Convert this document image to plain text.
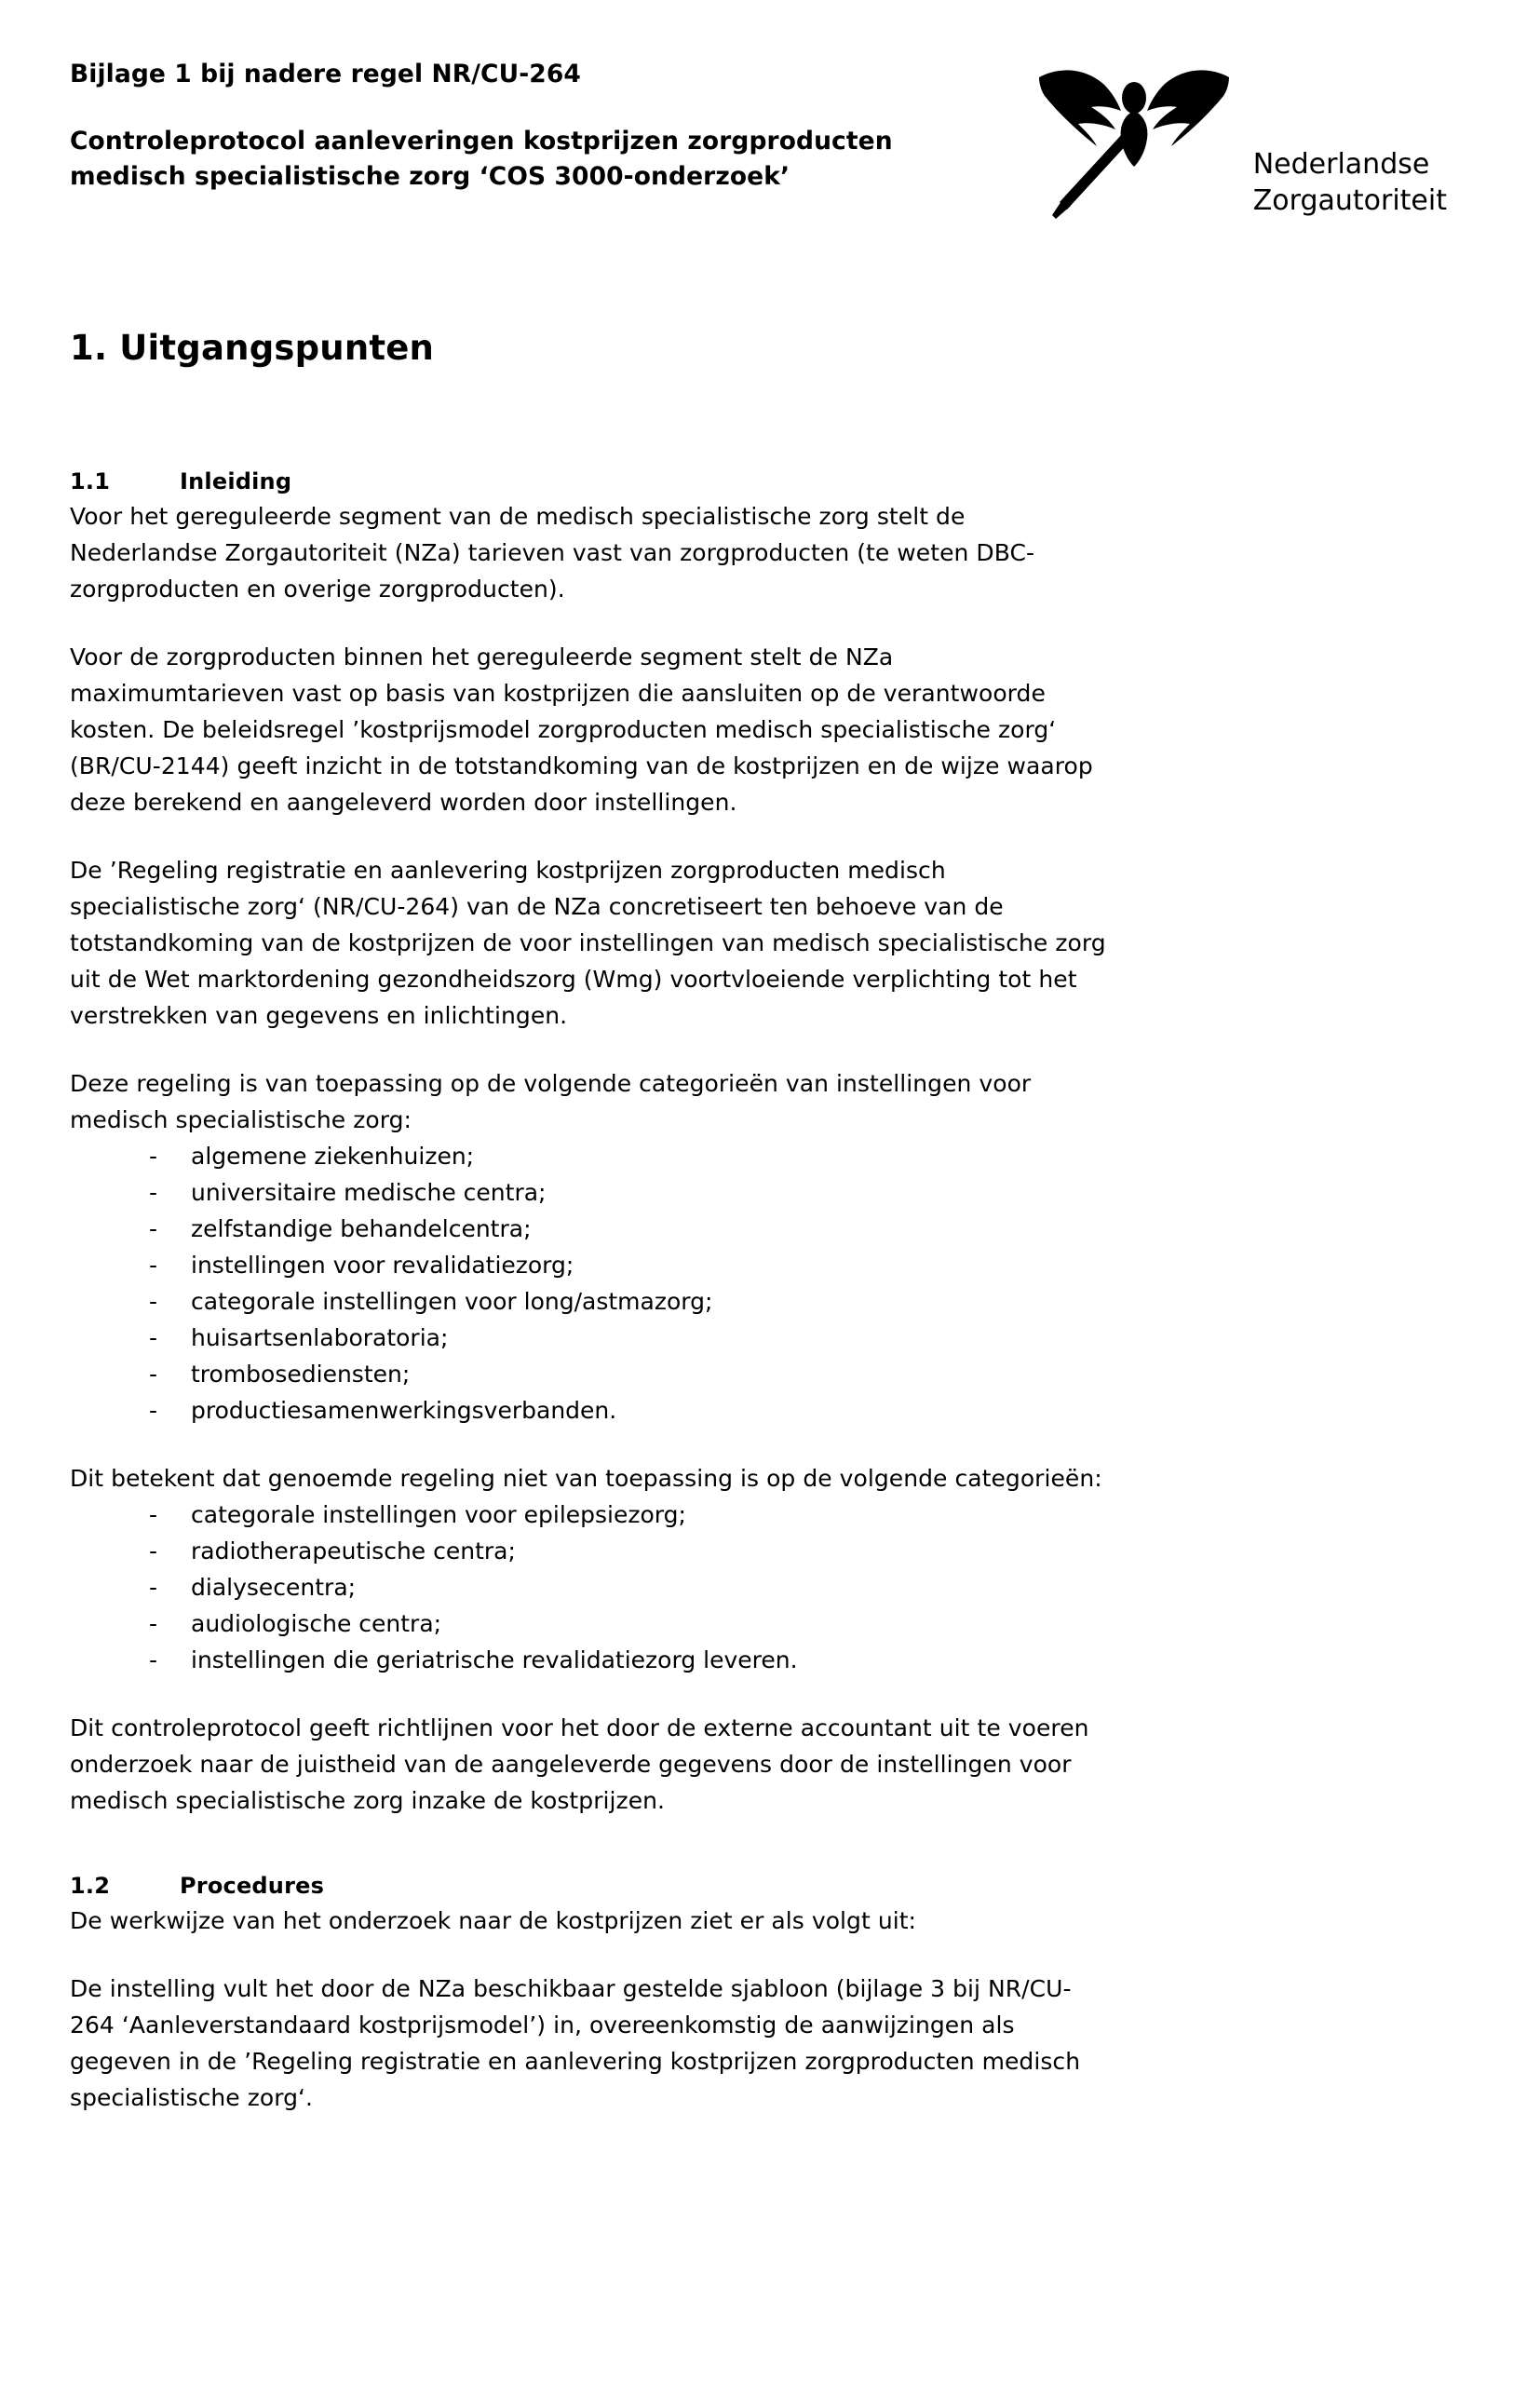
Bijlage 1 bij nadere regel NR/CU-264
Controleprotocol aanleveringen kostprijzen zorgproducten medisch specialistische zorg ‘COS 3000-onderzoek’	Nederlandse
Zorgautoriteit
1. Uitgangspunten
1.1	Inleiding

Voor het gereguleerde segment van de medisch specialistische zorg stelt de Nederlandse Zorgautoriteit (NZa) tarieven vast van zorgproducten (te weten DBC-zorgproducten en overige zorgproducten).

Voor de zorgproducten binnen het gereguleerde segment stelt de NZa maximumtarieven vast op basis van kostprijzen die aansluiten op de verantwoorde kosten. De beleidsregel ’kostprijsmodel zorgproducten medisch specialistische zorg‘ (BR/CU-2144) geeft inzicht in de totstandkoming van de kostprijzen en de wijze waarop deze berekend en aangeleverd worden door instellingen.

De ’Regeling registratie en aanlevering kostprijzen zorgproducten medisch specialistische zorg‘ (NR/CU-264) van de NZa concretiseert ten behoeve van de totstandkoming van de kostprijzen de voor instellingen van medisch specialistische zorg uit de Wet marktordening gezondheidszorg (Wmg) voortvloeiende verplichting tot het verstrekken van gegevens en inlichtingen.

Deze regeling is van toepassing op de volgende categorieën van instellingen voor medisch specialistische zorg:

- algemene ziekenhuizen;
- universitaire medische centra;
- zelfstandige behandelcentra;
- instellingen voor revalidatiezorg;
- categorale instellingen voor long/astmazorg;
- huisartsenlaboratoria;
- trombosediensten;
- productiesamenwerkingsverbanden.

Dit betekent dat genoemde regeling niet van toepassing is op de volgende categorieën:

- categorale instellingen voor epilepsiezorg;
- radiotherapeutische centra;
- dialysecentra;
- audiologische centra;
- instellingen die geriatrische revalidatiezorg leveren.

Dit controleprotocol geeft richtlijnen voor het door de externe accountant uit te voeren onderzoek naar de juistheid van de aangeleverde gegevens door de instellingen voor medisch specialistische zorg inzake de kostprijzen.

1.2	Procedures

De werkwijze van het onderzoek naar de kostprijzen ziet er als volgt uit:

De instelling vult het door de NZa beschikbaar gestelde sjabloon (bijlage 3 bij NR/CU-264 ‘Aanleverstandaard kostprijsmodel’) in, overeenkomstig de aanwijzingen als gegeven in de ’Regeling registratie en aanlevering kostprijzen zorgproducten medisch specialistische zorg‘.
